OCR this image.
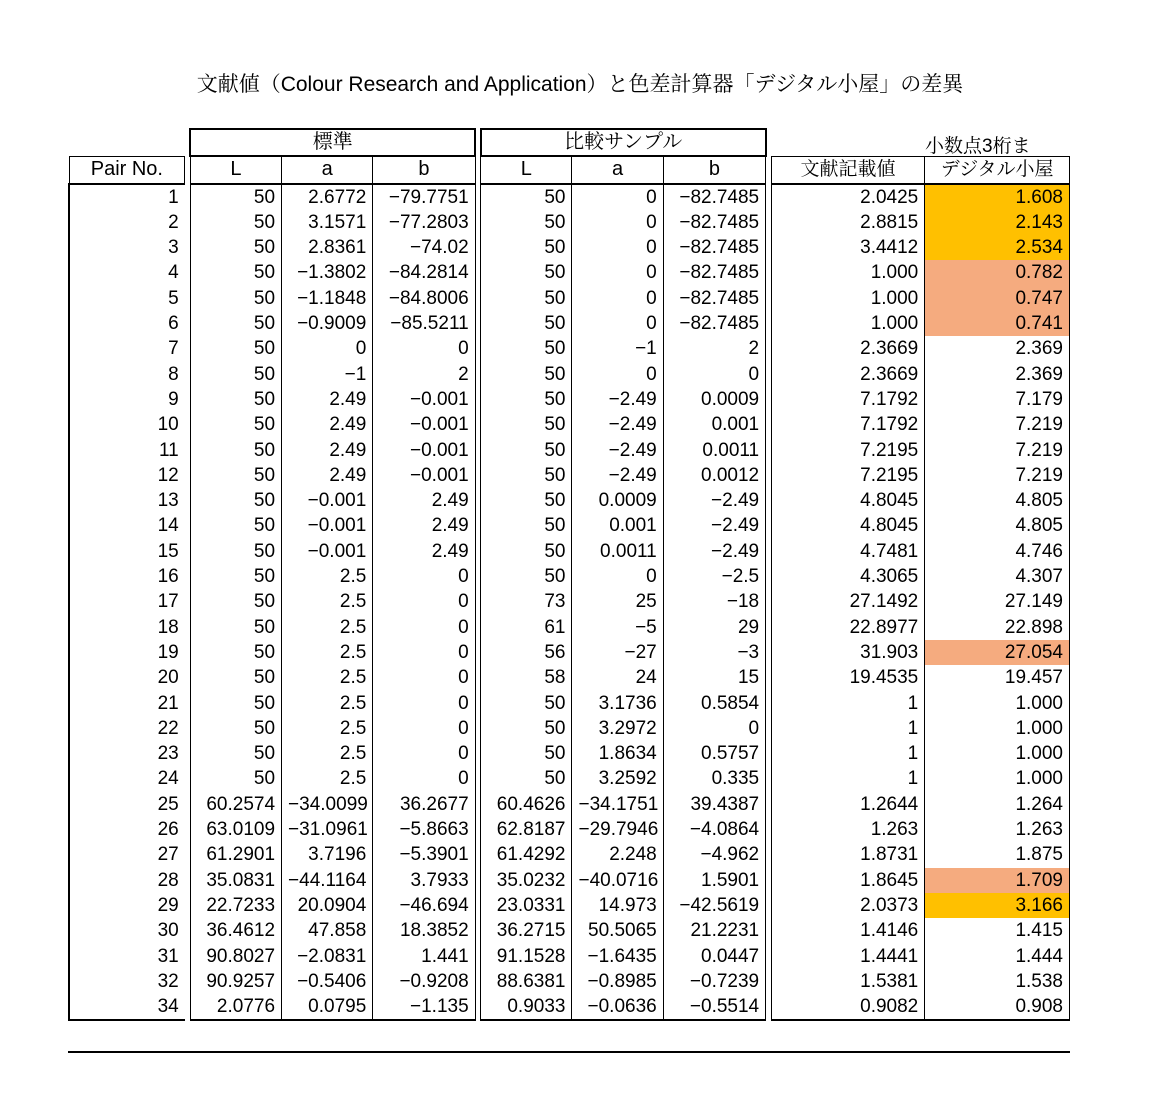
文献値（Colour Research and Application）と色差計算器「デジタル小屋」の差異
小数点3桁ま
		標準				比較サンプル					
Pair No.		L	a	b		L	a	b		文献記載値	デジタル小屋
1		50	2.6772	−79.7751		50	0	−82.7485		2.0425	1.608
2		50	3.1571	−77.2803		50	0	−82.7485		2.8815	2.143
3		50	2.8361	−74.02		50	0	−82.7485		3.4412	2.534
4		50	−1.3802	−84.2814		50	0	−82.7485		1.000	0.782
5		50	−1.1848	−84.8006		50	0	−82.7485		1.000	0.747
6		50	−0.9009	−85.5211		50	0	−82.7485		1.000	0.741
7		50	0	0		50	−1	2		2.3669	2.369
8		50	−1	2		50	0	0		2.3669	2.369
9		50	2.49	−0.001		50	−2.49	0.0009		7.1792	7.179
10		50	2.49	−0.001		50	−2.49	0.001		7.1792	7.219
11		50	2.49	−0.001		50	−2.49	0.0011		7.2195	7.219
12		50	2.49	−0.001		50	−2.49	0.0012		7.2195	7.219
13		50	−0.001	2.49		50	0.0009	−2.49		4.8045	4.805
14		50	−0.001	2.49		50	0.001	−2.49		4.8045	4.805
15		50	−0.001	2.49		50	0.0011	−2.49		4.7481	4.746
16		50	2.5	0		50	0	−2.5		4.3065	4.307
17		50	2.5	0		73	25	−18		27.1492	27.149
18		50	2.5	0		61	−5	29		22.8977	22.898
19		50	2.5	0		56	−27	−3		31.903	27.054
20		50	2.5	0		58	24	15		19.4535	19.457
21		50	2.5	0		50	3.1736	0.5854		1	1.000
22		50	2.5	0		50	3.2972	0		1	1.000
23		50	2.5	0		50	1.8634	0.5757		1	1.000
24		50	2.5	0		50	3.2592	0.335		1	1.000
25		60.2574	−34.0099	36.2677		60.4626	−34.1751	39.4387		1.2644	1.264
26		63.0109	−31.0961	−5.8663		62.8187	−29.7946	−4.0864		1.263	1.263
27		61.2901	3.7196	−5.3901		61.4292	2.248	−4.962		1.8731	1.875
28		35.0831	−44.1164	3.7933		35.0232	−40.0716	1.5901		1.8645	1.709
29		22.7233	20.0904	−46.694		23.0331	14.973	−42.5619		2.0373	3.166
30		36.4612	47.858	18.3852		36.2715	50.5065	21.2231		1.4146	1.415
31		90.8027	−2.0831	1.441		91.1528	−1.6435	0.0447		1.4441	1.444
32		90.9257	−0.5406	−0.9208		88.6381	−0.8985	−0.7239		1.5381	1.538
34		2.0776	0.0795	−1.135		0.9033	−0.0636	−0.5514		0.9082	0.908
